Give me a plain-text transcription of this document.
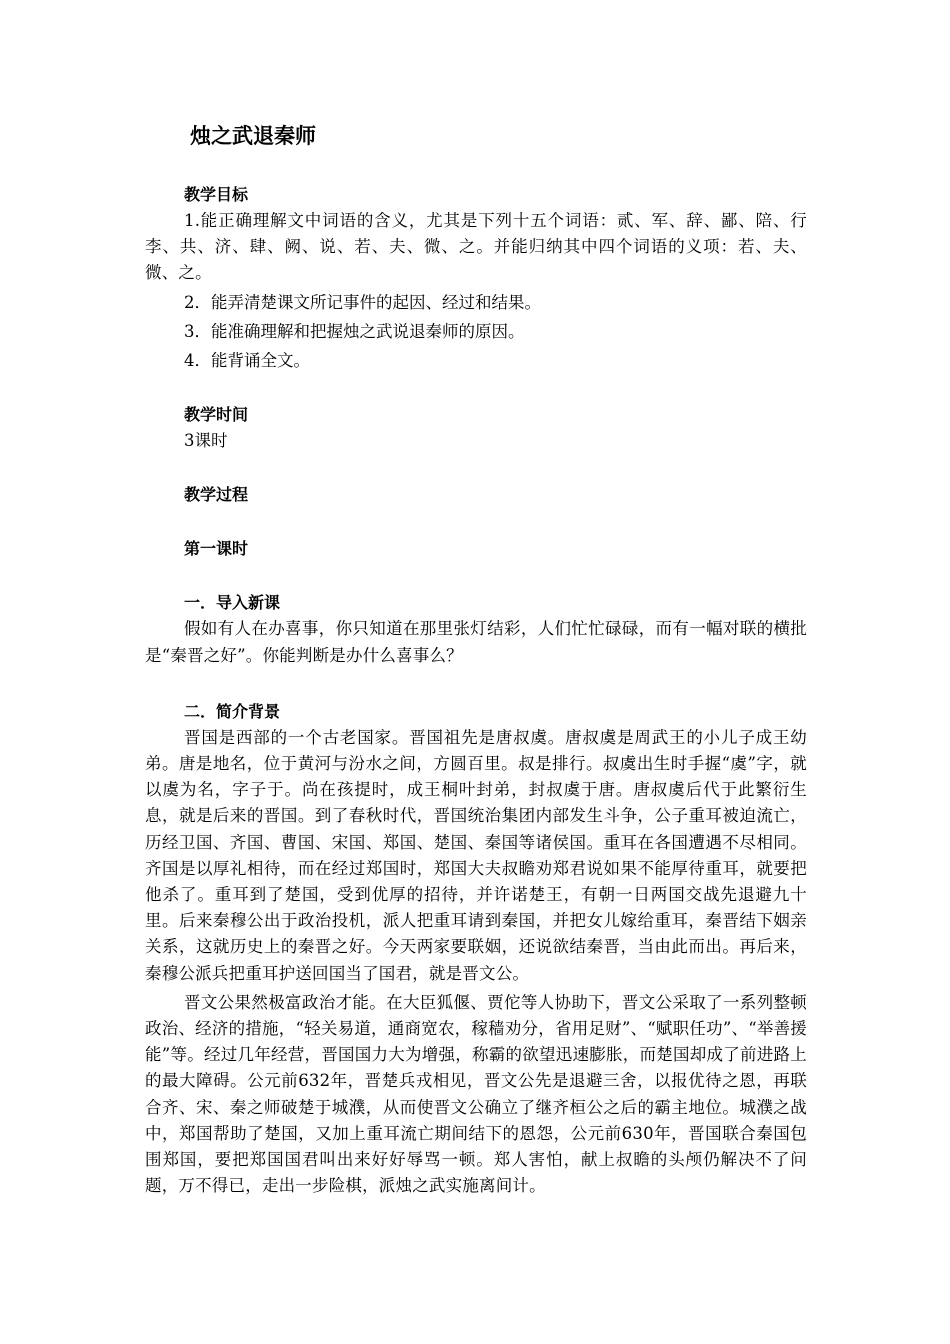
烛之武退秦师
教学目标

1.能正确理解文中词语的含义，尤其是下列十五个词语：贰、军、辞、鄙、陪、行李、共、济、肆、阙、说、若、夫、微、之。并能归纳其中四个词语的义项：若、夫、微、之。

2．能弄清楚课文所记事件的起因、经过和结果。

3．能准确理解和把握烛之武说退秦师的原因。

4．能背诵全文。

教学时间

3课时

教学过程
第一课时
一．导入新课

假如有人在办喜事，你只知道在那里张灯结彩，人们忙忙碌碌，而有一幅对联的横批是“秦晋之好”。你能判断是办什么喜事么？

二．简介背景

晋国是西部的一个古老国家。晋国祖先是唐叔虞。唐叔虞是周武王的小儿子成王幼弟。唐是地名，位于黄河与汾水之间，方圆百里。叔是排行。叔虞出生时手握“虞”字，就以虞为名，字子于。尚在孩提时，成王桐叶封弟，封叔虞于唐。唐叔虞后代于此繁衍生息，就是后来的晋国。到了春秋时代，晋国统治集团内部发生斗争，公子重耳被迫流亡，历经卫国、齐国、曹国、宋国、郑国、楚国、秦国等诸侯国。重耳在各国遭遇不尽相同。齐国是以厚礼相待，而在经过郑国时，郑国大夫叔瞻劝郑君说如果不能厚待重耳，就要把他杀了。重耳到了楚国，受到优厚的招待，并许诺楚王，有朝一日两国交战先退避九十里。后来秦穆公出于政治投机，派人把重耳请到秦国，并把女儿嫁给重耳，秦晋结下姻亲关系，这就历史上的秦晋之好。今天两家要联姻，还说欲结秦晋，当由此而出。再后来，秦穆公派兵把重耳护送回国当了国君，就是晋文公。

晋文公果然极富政治才能。在大臣狐偃、贾佗等人协助下，晋文公采取了一系列整顿政治、经济的措施，“轻关易道，通商宽农，稼穑劝分，省用足财”、“赋职任功”、“举善援能”等。经过几年经营，晋国国力大为增强，称霸的欲望迅速膨胀，而楚国却成了前进路上的最大障碍。公元前632年，晋楚兵戎相见，晋文公先是退避三舍，以报优待之恩，再联合齐、宋、秦之师破楚于城濮，从而使晋文公确立了继齐桓公之后的霸主地位。城濮之战中，郑国帮助了楚国，又加上重耳流亡期间结下的恩怨，公元前630年，晋国联合秦国包围郑国，要把郑国国君叫出来好好辱骂一顿。郑人害怕，献上叔瞻的头颅仍解决不了问题，万不得已，走出一步险棋，派烛之武实施离间计。
